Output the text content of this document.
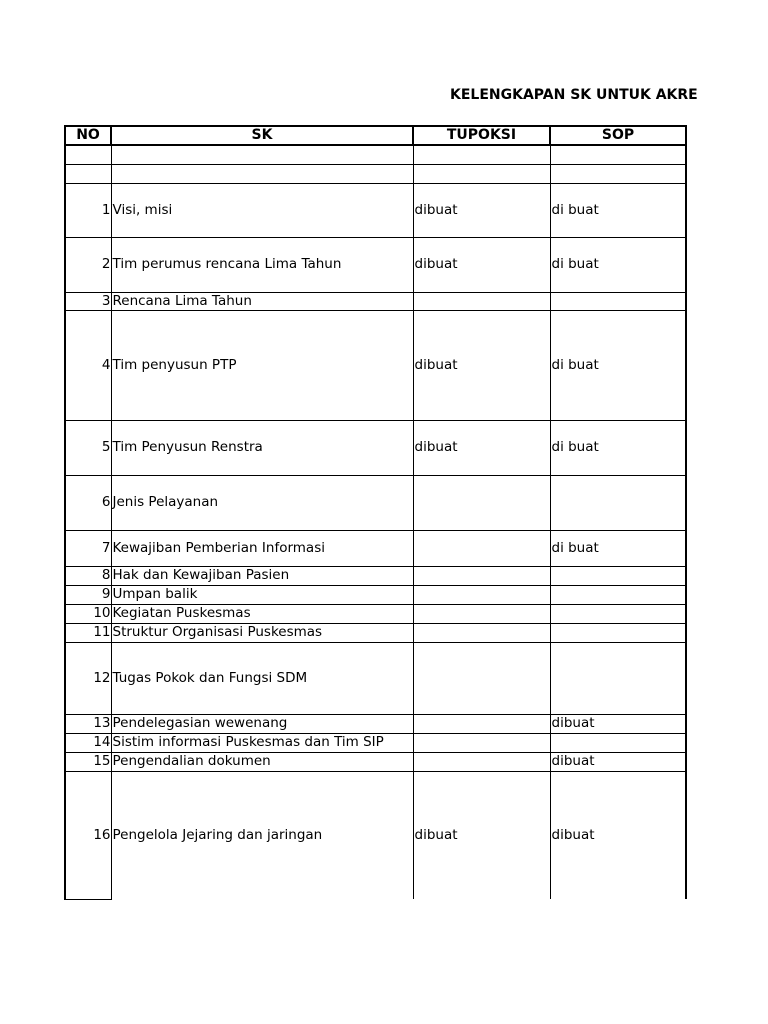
KELENGKAPAN SK UNTUK AKRE
NO	SK	TUPOKSI	SOP

1	Visi, misi	dibuat	di buat
2	Tim perumus rencana Lima Tahun	dibuat	di buat
3	Rencana Lima Tahun		
4	Tim penyusun PTP	dibuat	di buat
5	Tim Penyusun Renstra	dibuat	di buat
6	Jenis Pelayanan		
7	Kewajiban Pemberian Informasi		di buat
8	Hak dan Kewajiban Pasien		
9	Umpan balik		
10	Kegiatan Puskesmas		
11	Struktur Organisasi Puskesmas		
12	Tugas Pokok dan Fungsi SDM		
13	Pendelegasian wewenang		dibuat
14	Sistim informasi Puskesmas dan Tim SIP		
15	Pengendalian dokumen		dibuat
16	Pengelola Jejaring dan jaringan	dibuat	dibuat
